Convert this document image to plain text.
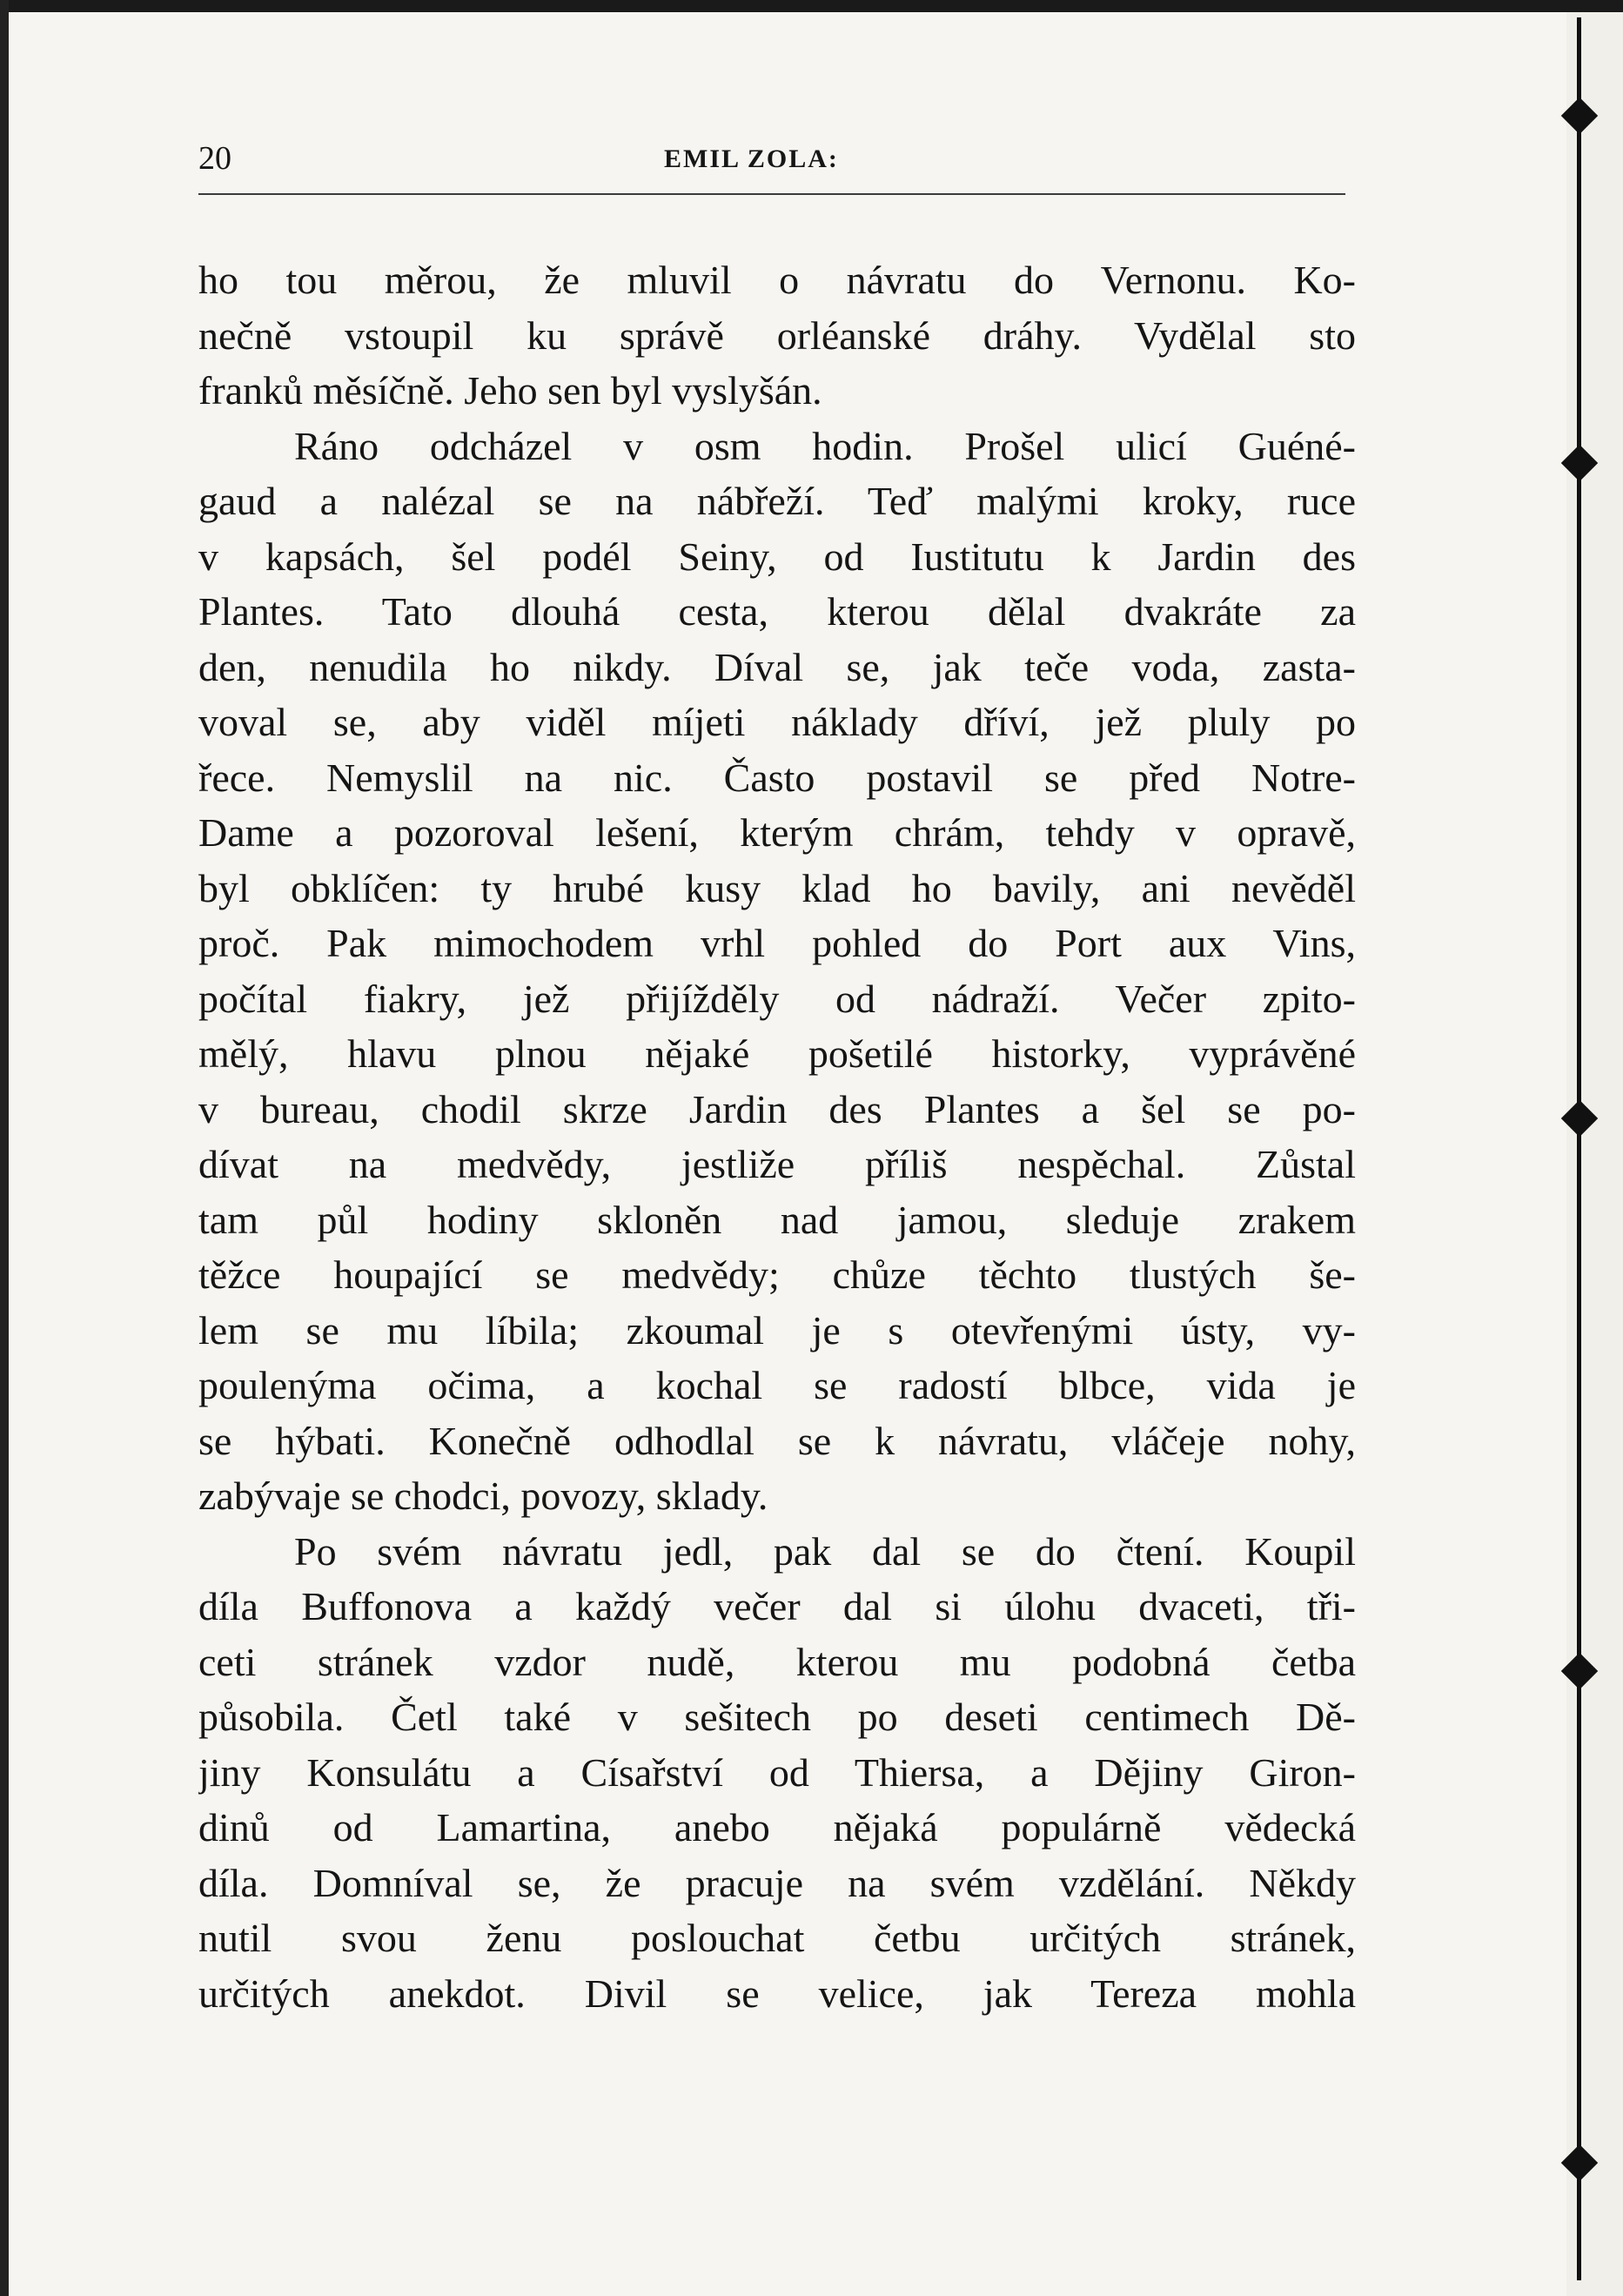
20	EMIL ZOLA:
ho tou měrou, že mluvil o návratu do Vernonu. Ko-
nečně vstoupil ku správě orléanské dráhy. Vydělal sto
franků měsíčně. Jeho sen byl vyslyšán.
Ráno odcházel v osm hodin. Prošel ulicí Guéné-
gaud a nalézal se na nábřeží. Teď malými kroky, ruce
v kapsách, šel podél Seiny, od Iustitutu k Jardin des
Plantes. Tato dlouhá cesta, kterou dělal dvakráte za
den, nenudila ho nikdy. Díval se, jak teče voda, zasta-
voval se, aby viděl míjeti náklady dříví, jež pluly po
řece. Nemyslil na nic. Často postavil se před Notre-
Dame a pozoroval lešení, kterým chrám, tehdy v opravě,
byl obklíčen: ty hrubé kusy klad ho bavily, ani nevěděl
proč. Pak mimochodem vrhl pohled do Port aux Vins,
počítal fiakry, jež přijížděly od nádraží. Večer zpito-
mělý, hlavu plnou nějaké pošetilé historky, vyprávěné
v bureau, chodil skrze Jardin des Plantes a šel se po-
dívat na medvědy, jestliže příliš nespěchal. Zůstal
tam půl hodiny skloněn nad jamou, sleduje zrakem
těžce houpající se medvědy; chůze těchto tlustých še-
lem se mu líbila; zkoumal je s otevřenými ústy, vy-
poulenýma očima, a kochal se radostí blbce, vida je
se hýbati. Konečně odhodlal se k návratu, vláčeje nohy,
zabývaje se chodci, povozy, sklady.
Po svém návratu jedl, pak dal se do čtení. Koupil
díla Buffonova a každý večer dal si úlohu dvaceti, tři-
ceti stránek vzdor nudě, kterou mu podobná četba
působila. Četl také v sešitech po deseti centimech Dě-
jiny Konsulátu a Císařství od Thiersa, a Dějiny Giron-
dinů od Lamartina, anebo nějaká populárně vědecká
díla. Domníval se, že pracuje na svém vzdělání. Někdy
nutil svou ženu poslouchat četbu určitých stránek,
určitých anekdot. Divil se velice, jak Tereza mohla
